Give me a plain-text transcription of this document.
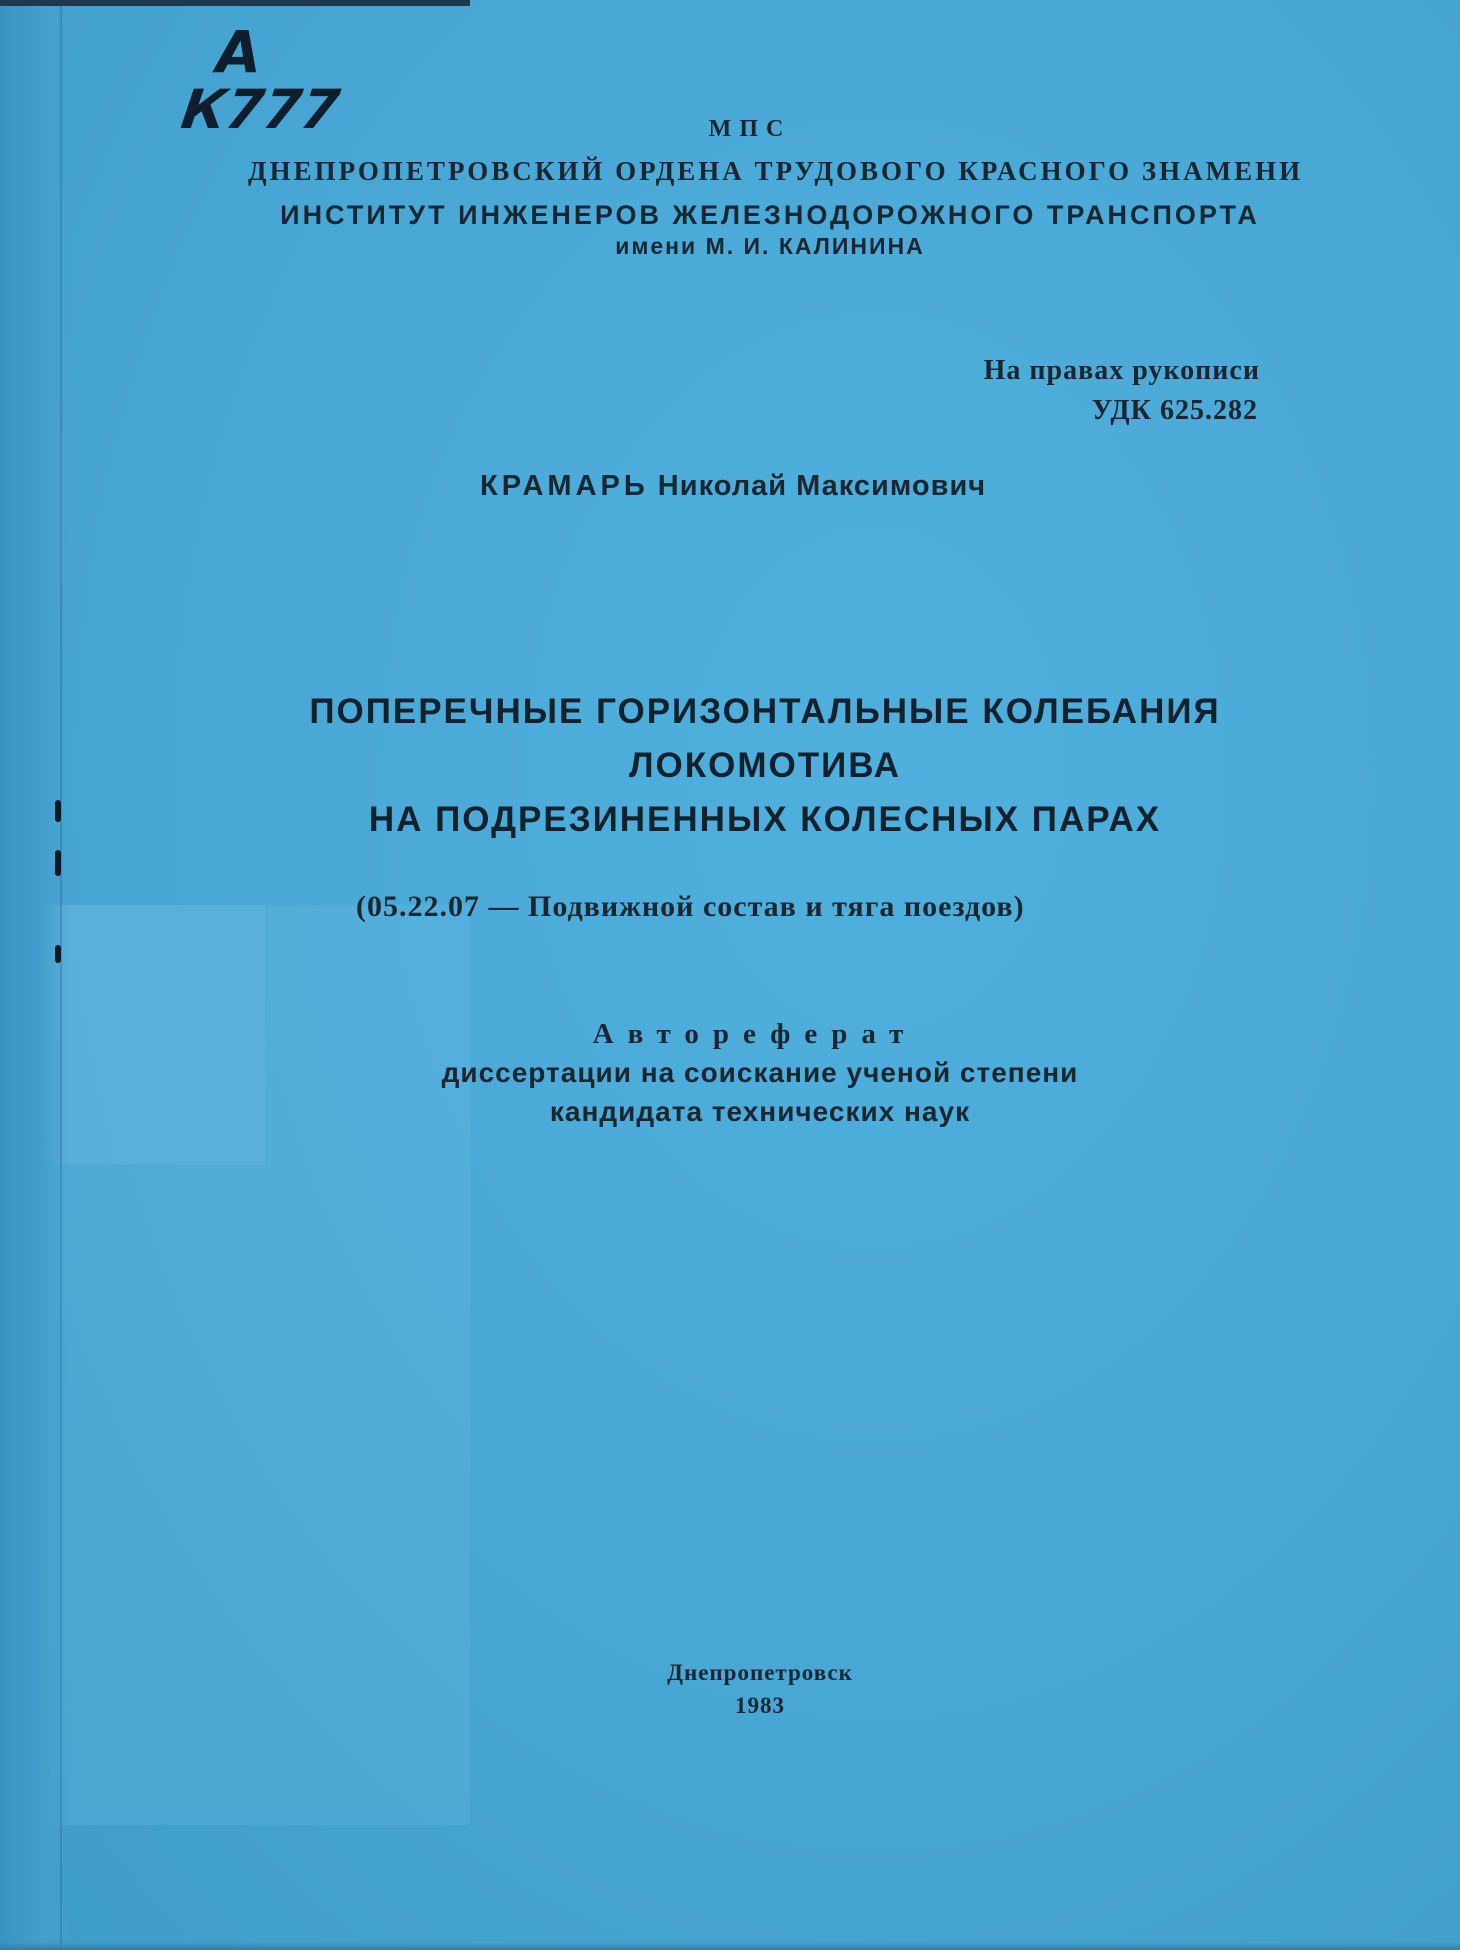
А
К777	МПС
ДНЕПРОПЕТРОВСКИЙ ОРДЕНА ТРУДОВОГО КРАСНОГО ЗНАМЕНИ
ИНСТИТУТ ИНЖЕНЕРОВ ЖЕЛЕЗНОДОРОЖНОГО ТРАНСПОРТА
имени М. И. КАЛИНИНА
На правах рукописи
УДК 625.282
КРАМАРЬ Николай Максимович
ПОПЕРЕЧНЫЕ ГОРИЗОНТАЛЬНЫЕ КОЛЕБАНИЯ
ЛОКОМОТИВА
НА ПОДРЕЗИНЕННЫХ КОЛЕСНЫХ ПАРАХ
(05.22.07 — Подвижной состав и тяга поездов)
Автореферат
диссертации на соискание ученой степени
кандидата технических наук
Днепропетровск
1983
